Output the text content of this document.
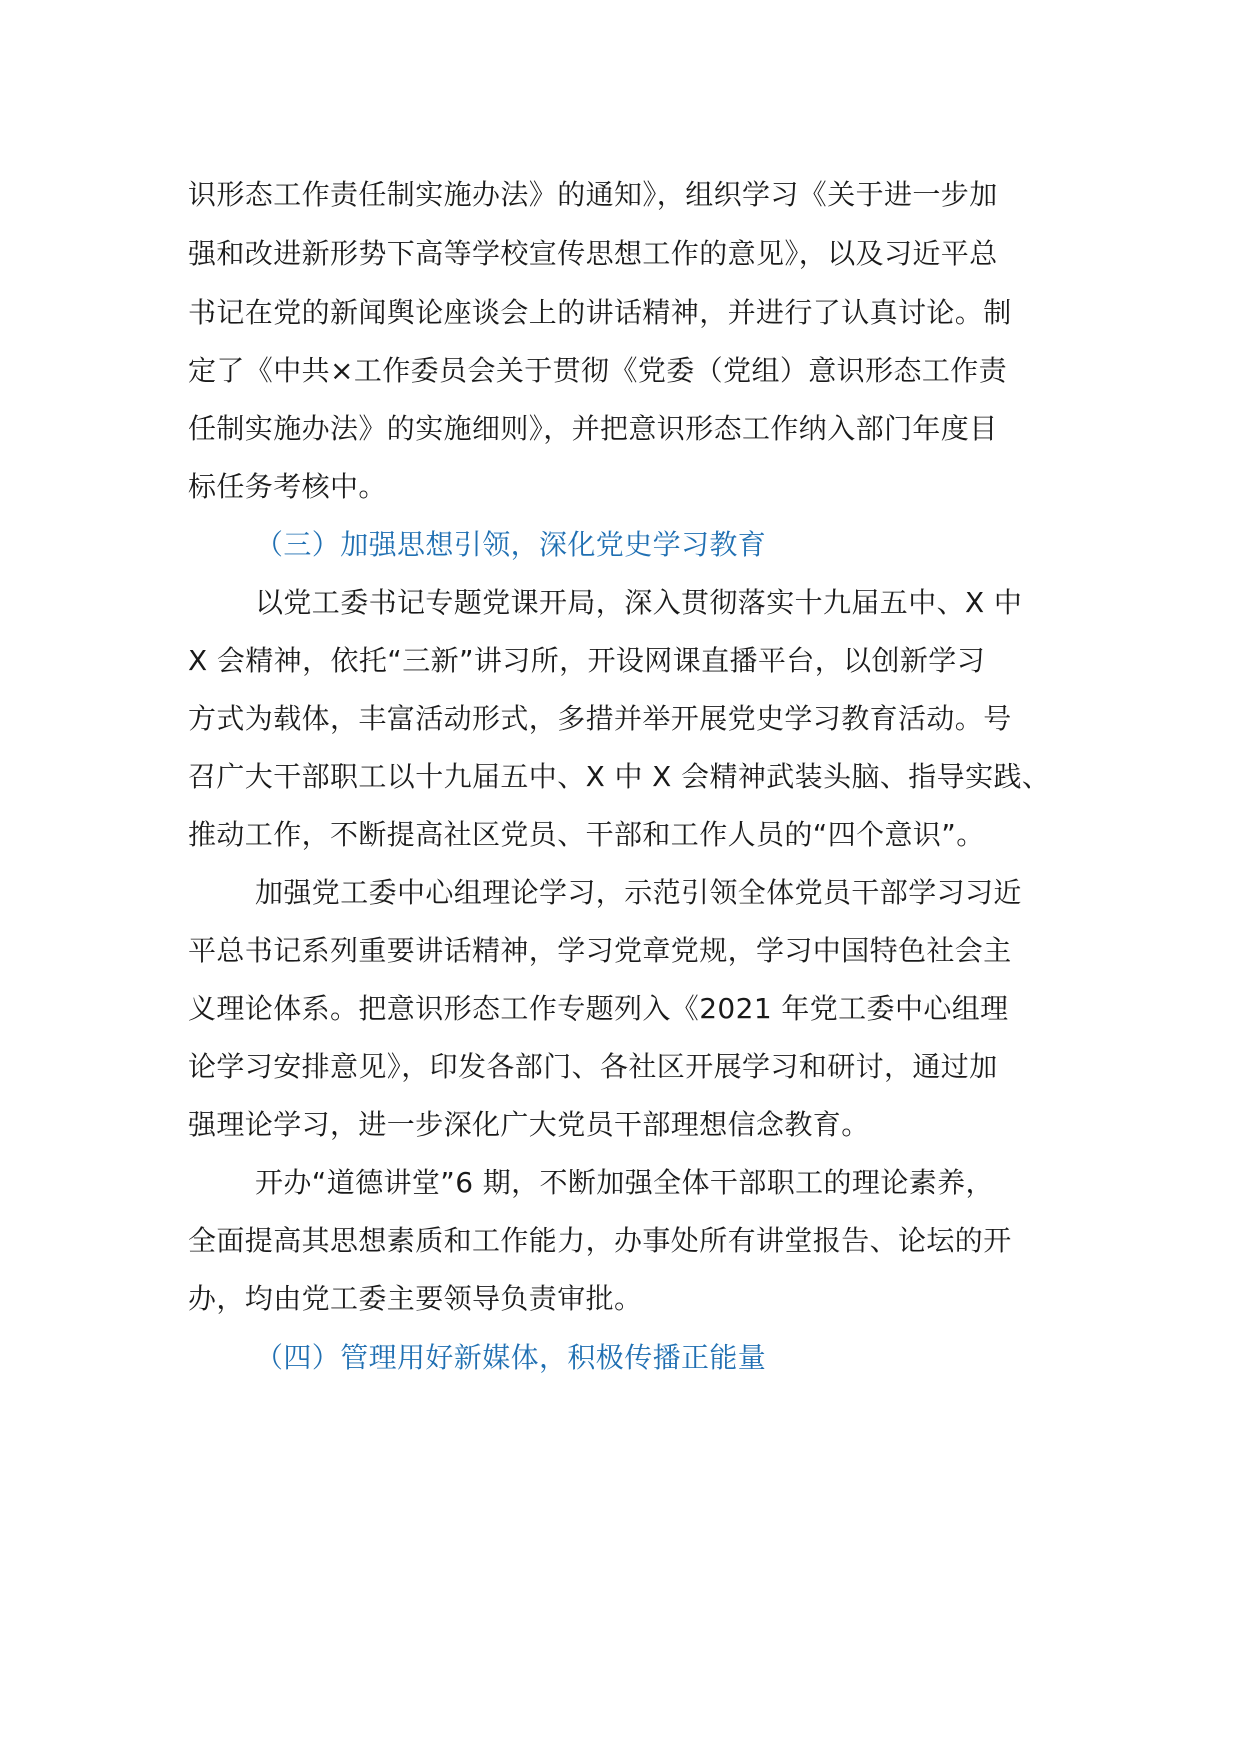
识形态工作责任制实施办法》的通知》，组织学习《关于进一步加
强和改进新形势下高等学校宣传思想工作的意见》，以及习近平总
书记在党的新闻舆论座谈会上的讲话精神，并进行了认真讨论。制
定了《中共×工作委员会关于贯彻《党委（党组）意识形态工作责
任制实施办法》的实施细则》，并把意识形态工作纳入部门年度目
标任务考核中。
（三）加强思想引领，深化党史学习教育
以党工委书记专题党课开局，深入贯彻落实十九届五中、X 中
X 会精神，依托“三新”讲习所，开设网课直播平台，以创新学习
方式为载体，丰富活动形式，多措并举开展党史学习教育活动。号
召广大干部职工以十九届五中、X 中 X 会精神武装头脑、指导实践、
推动工作，不断提高社区党员、干部和工作人员的“四个意识”。
加强党工委中心组理论学习，示范引领全体党员干部学习习近
平总书记系列重要讲话精神，学习党章党规，学习中国特色社会主
义理论体系。把意识形态工作专题列入《2021 年党工委中心组理
论学习安排意见》，印发各部门、各社区开展学习和研讨，通过加
强理论学习，进一步深化广大党员干部理想信念教育。
开办“道德讲堂”6 期，不断加强全体干部职工的理论素养，
全面提高其思想素质和工作能力，办事处所有讲堂报告、论坛的开
办，均由党工委主要领导负责审批。
（四）管理用好新媒体，积极传播正能量
